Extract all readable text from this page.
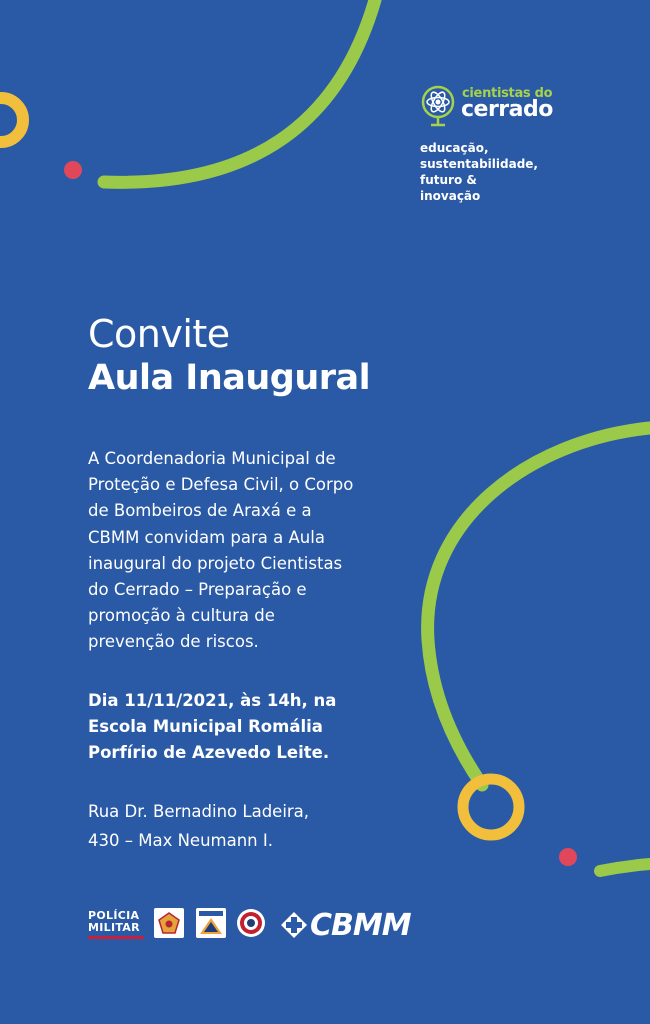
cientistas do
cerrado
educação,
sustentabilidade,
futuro &
inovação
Convite
Aula Inaugural
A Coordenadoria Municipal de
Proteção e Defesa Civil, o Corpo
de Bombeiros de Araxá e a
CBMM convidam para a Aula
inaugural do projeto Cientistas
do Cerrado – Preparação e
promoção à cultura de
prevenção de riscos.
Dia 11/11/2021, às 14h, na
Escola Municipal Romália
Porfírio de Azevedo Leite.
Rua Dr. Bernadino Ladeira,
430 – Max Neumann I.
POLÍCIA
MILITAR	CBMM
